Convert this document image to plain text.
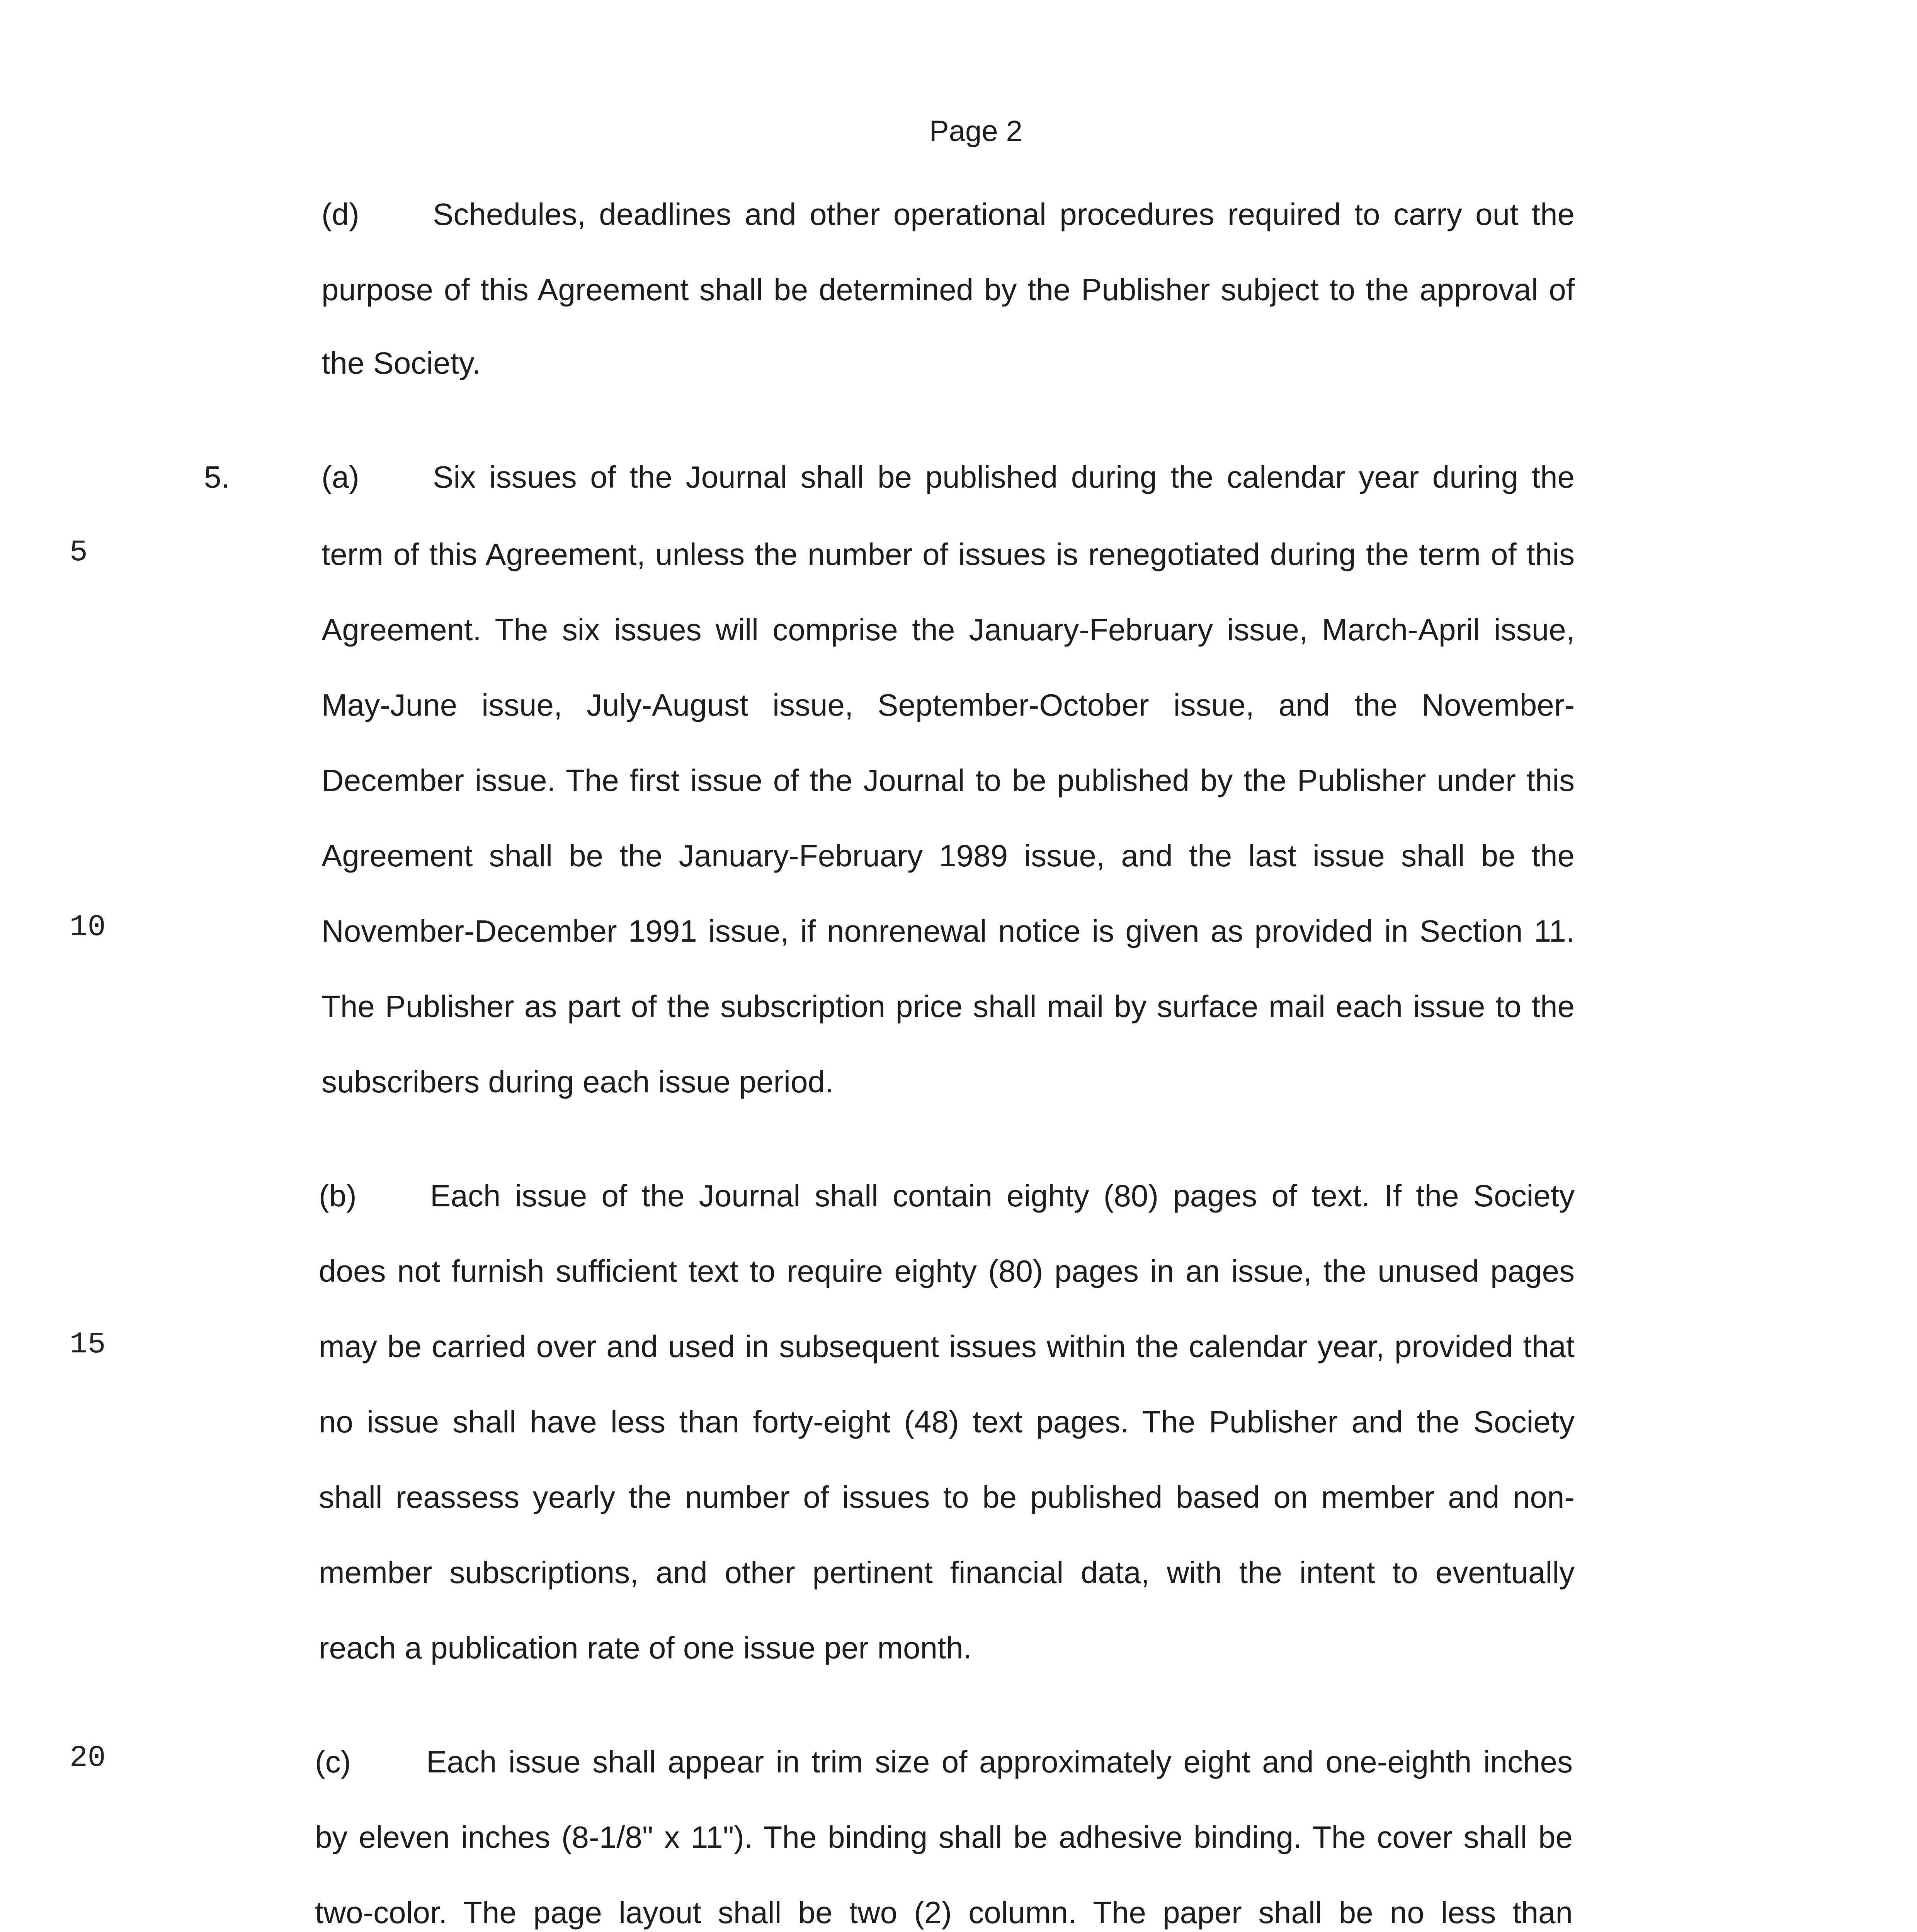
Page 2
5
10
15
20
(d) Schedules, deadlines and other operational procedures required to carry out the
purpose of this Agreement shall be determined by the Publisher subject to the approval of
the Society.
5.	(a) Six issues of the Journal shall be published during the calendar year during the
term of this Agreement, unless the number of issues is renegotiated during the term of this
Agreement. The six issues will comprise the January-February issue, March-April issue,
May-June issue, July-August issue, September-October issue, and the November-
December issue. The first issue of the Journal to be published by the Publisher under this
Agreement shall be the January-February 1989 issue, and the last issue shall be the
November-December 1991 issue, if nonrenewal notice is given as provided in Section 11.
The Publisher as part of the subscription price shall mail by surface mail each issue to the
subscribers during each issue period.
(b) Each issue of the Journal shall contain eighty (80) pages of text. If the Society
does not furnish sufficient text to require eighty (80) pages in an issue, the unused pages
may be carried over and used in subsequent issues within the calendar year, provided that
no issue shall have less than forty-eight (48) text pages. The Publisher and the Society
shall reassess yearly the number of issues to be published based on member and non-
member subscriptions, and other pertinent financial data, with the intent to eventually
reach a publication rate of one issue per month.
(c) Each issue shall appear in trim size of approximately eight and one-eighth inches
by eleven inches (8-1/8" x 11"). The binding shall be adhesive binding. The cover shall be
two-color. The page layout shall be two (2) column. The paper shall be no less than
